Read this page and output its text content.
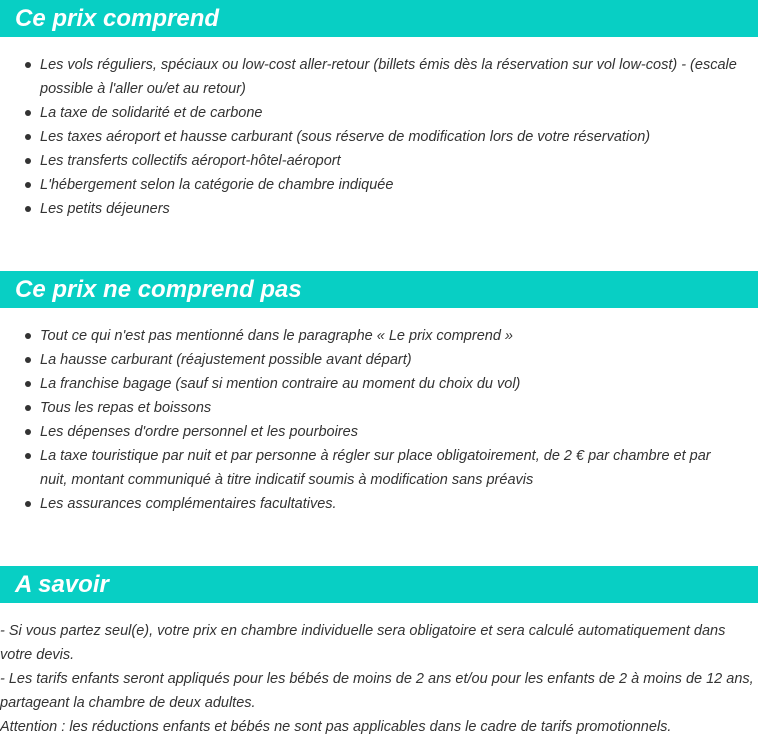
Ce prix comprend
Les vols réguliers, spéciaux ou low-cost aller-retour (billets émis dès la réservation sur vol low-cost) - (escale possible à l'aller ou/et au retour)
La taxe de solidarité et de carbone
Les taxes aéroport et hausse carburant (sous réserve de modification lors de votre réservation)
Les transferts collectifs aéroport-hôtel-aéroport
L'hébergement selon la catégorie de chambre indiquée
Les petits déjeuners
Ce prix ne comprend pas
Tout ce qui n'est pas mentionné dans le paragraphe « Le prix comprend »
La hausse carburant (réajustement possible avant départ)
La franchise bagage (sauf si mention contraire au moment du choix du vol)
Tous les repas et boissons
Les dépenses d'ordre personnel et les pourboires
La taxe touristique par nuit et par personne à régler sur place obligatoirement, de 2 € par chambre et par nuit, montant communiqué à titre indicatif soumis à modification sans préavis
Les assurances complémentaires facultatives.
A savoir

- Si vous partez seul(e), votre prix en chambre individuelle sera obligatoire et sera calculé automatiquement dans votre devis.

- Les tarifs enfants seront appliqués pour les bébés de moins de 2 ans et/ou pour les enfants de 2 à moins de 12 ans, partageant la chambre de deux adultes.

Attention : les réductions enfants et bébés ne sont pas applicables dans le cadre de tarifs promotionnels.
